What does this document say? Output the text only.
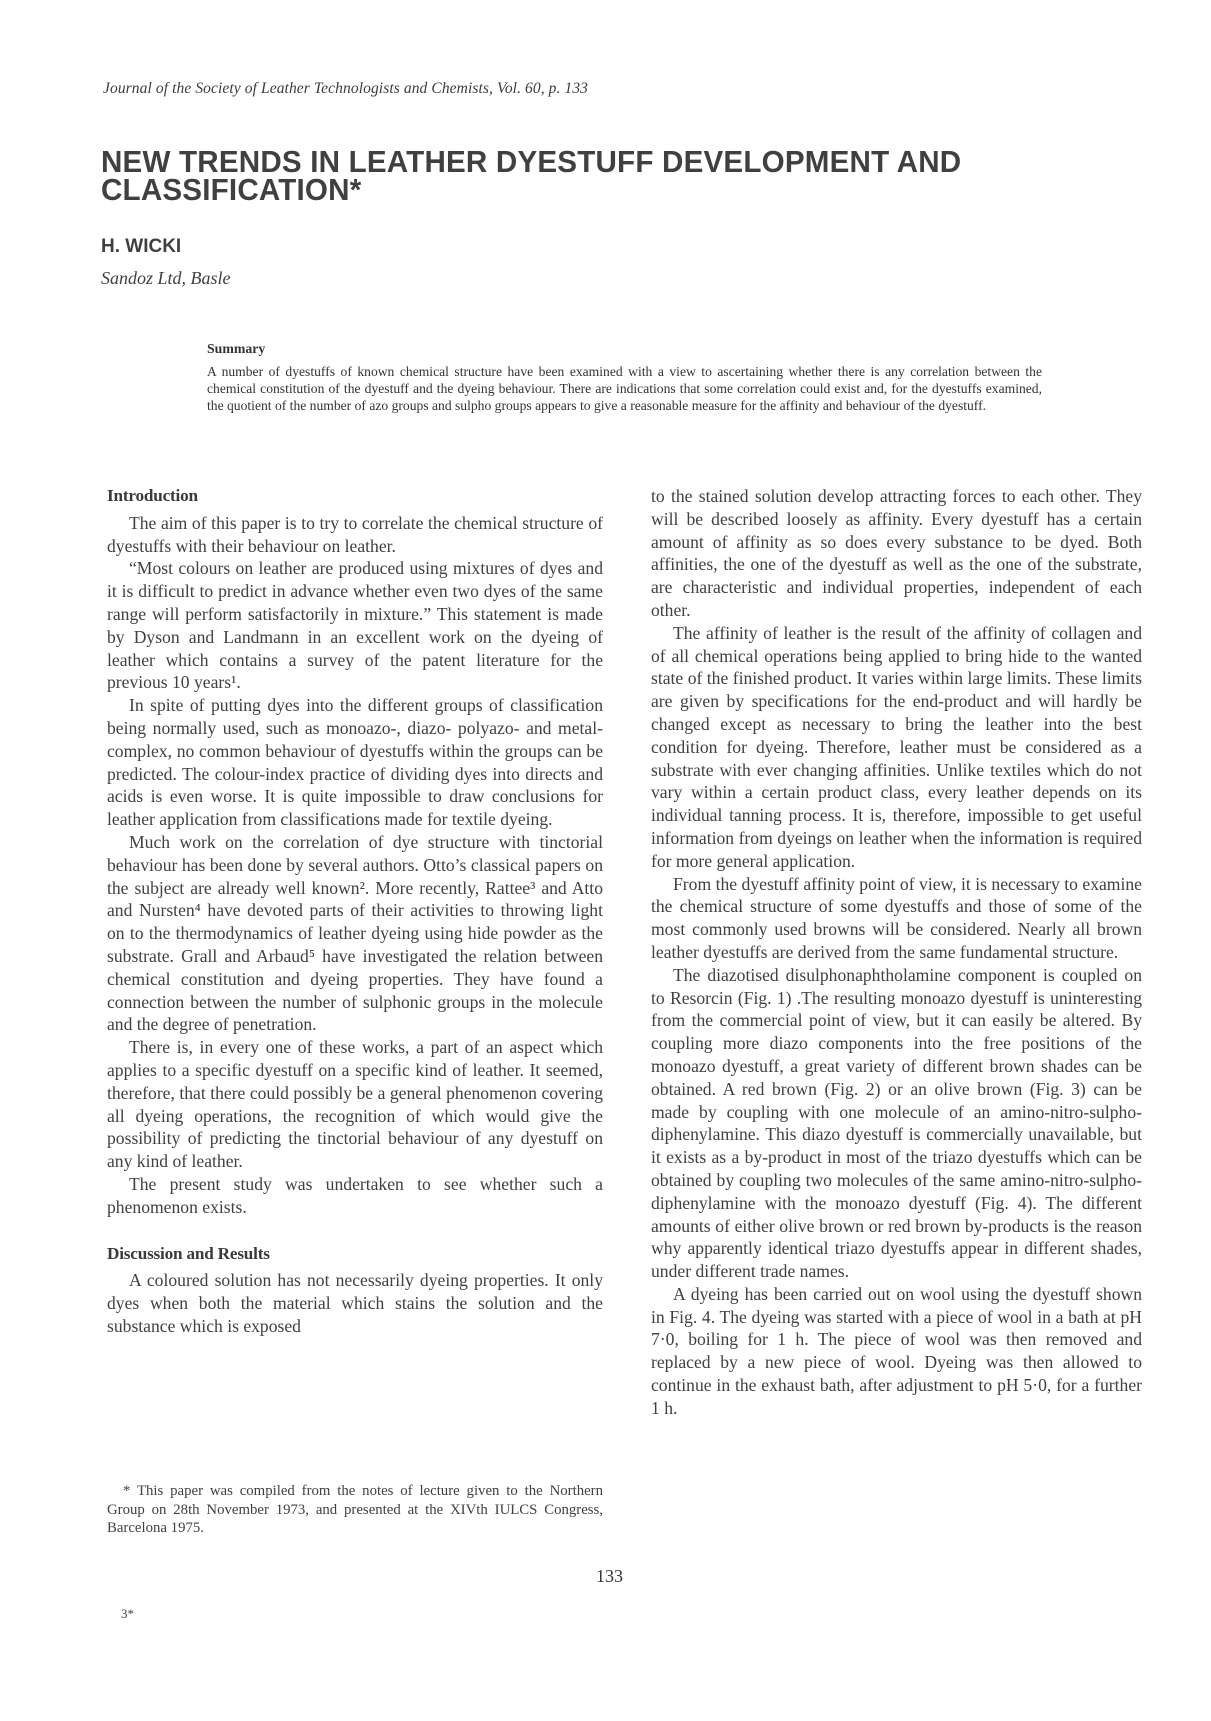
Journal of the Society of Leather Technologists and Chemists, Vol. 60, p. 133
NEW TRENDS IN LEATHER DYESTUFF DEVELOPMENT AND CLASSIFICATION*
H. WICKI
Sandoz Ltd, Basle
Summary
A number of dyestuffs of known chemical structure have been examined with a view to ascertaining whether there is any correlation between the chemical constitution of the dyestuff and the dyeing behaviour. There are indications that some correlation could exist and, for the dyestuffs examined, the quotient of the number of azo groups and sulpho groups appears to give a reasonable measure for the affinity and behaviour of the dyestuff.
Introduction

The aim of this paper is to try to correlate the chemical structure of dyestuffs with their behaviour on leather.

“Most colours on leather are produced using mixtures of dyes and it is difficult to predict in advance whether even two dyes of the same range will perform satisfactorily in mixture.” This statement is made by Dyson and Landmann in an excellent work on the dyeing of leather which contains a survey of the patent literature for the previous 10 years¹.

In spite of putting dyes into the different groups of classification being normally used, such as monoazo-, diazo- polyazo- and metal-complex, no common behaviour of dyestuffs within the groups can be predicted. The colour-index practice of dividing dyes into directs and acids is even worse. It is quite impossible to draw conclusions for leather application from classifications made for textile dyeing.

Much work on the correlation of dye structure with tinctorial behaviour has been done by several authors. Otto’s classical papers on the subject are already well known². More recently, Rattee³ and Atto and Nursten⁴ have devoted parts of their activities to throwing light on to the thermodynamics of leather dyeing using hide powder as the substrate. Grall and Arbaud⁵ have investigated the relation between chemical constitution and dyeing properties. They have found a connection between the number of sulphonic groups in the molecule and the degree of penetration.

There is, in every one of these works, a part of an aspect which applies to a specific dyestuff on a specific kind of leather. It seemed, therefore, that there could possibly be a general phenomenon covering all dyeing operations, the recognition of which would give the possibility of predicting the tinctorial behaviour of any dyestuff on any kind of leather.

The present study was undertaken to see whether such a phenomenon exists.

Discussion and Results

A coloured solution has not necessarily dyeing properties. It only dyes when both the material which stains the solution and the substance which is exposed

to the stained solution develop attracting forces to each other. They will be described loosely as affinity. Every dyestuff has a certain amount of affinity as so does every substance to be dyed. Both affinities, the one of the dyestuff as well as the one of the substrate, are characteristic and individual properties, independent of each other.

The affinity of leather is the result of the affinity of collagen and of all chemical operations being applied to bring hide to the wanted state of the finished product. It varies within large limits. These limits are given by specifications for the end-product and will hardly be changed except as necessary to bring the leather into the best condition for dyeing. Therefore, leather must be considered as a substrate with ever changing affinities. Unlike textiles which do not vary within a certain product class, every leather depends on its individual tanning process. It is, therefore, impossible to get useful information from dyeings on leather when the information is required for more general application.

From the dyestuff affinity point of view, it is necessary to examine the chemical structure of some dyestuffs and those of some of the most commonly used browns will be considered. Nearly all brown leather dyestuffs are derived from the same fundamental structure.

The diazotised disulphonaphtholamine component is coupled on to Resorcin (Fig. 1) .The resulting monoazo dyestuff is uninteresting from the commercial point of view, but it can easily be altered. By coupling more diazo components into the free positions of the monoazo dyestuff, a great variety of different brown shades can be obtained. A red brown (Fig. 2) or an olive brown (Fig. 3) can be made by coupling with one molecule of an amino-nitro-sulpho-diphenylamine. This diazo dyestuff is commercially unavailable, but it exists as a by-product in most of the triazo dyestuffs which can be obtained by coupling two molecules of the same amino-nitro-sulpho-diphenylamine with the monoazo dyestuff (Fig. 4). The different amounts of either olive brown or red brown by-products is the reason why apparently identical triazo dyestuffs appear in different shades, under different trade names.

A dyeing has been carried out on wool using the dyestuff shown in Fig. 4. The dyeing was started with a piece of wool in a bath at pH 7·0, boiling for 1 h. The piece of wool was then removed and replaced by a new piece of wool. Dyeing was then allowed to continue in the exhaust bath, after adjustment to pH 5·0, for a further 1 h.

* This paper was compiled from the notes of lecture given to the Northern Group on 28th November 1973, and presented at the XIVth IULCS Congress, Barcelona 1975.

133
3*
